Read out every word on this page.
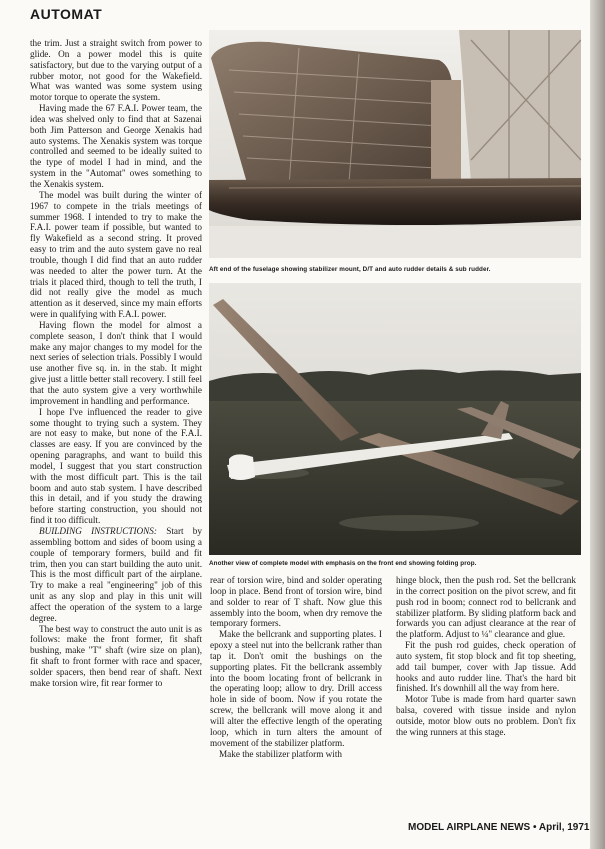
AUTOMAT

the trim. Just a straight switch from power to glide. On a power model this is quite satisfactory, but due to the varying output of a rubber motor, not good for the Wakefield. What was wanted was some system using motor torque to operate the system.

Having made the 67 F.A.I. Power team, the idea was shelved only to find that at Sazenai both Jim Patterson and George Xenakis had auto systems. The Xenakis system was torque controlled and seemed to be ideally suited to the type of model I had in mind, and the system in the "Automat" owes something to the Xenakis system.

The model was built during the winter of 1967 to compete in the trials meetings of summer 1968. I intended to try to make the F.A.I. power team if possible, but wanted to fly Wakefield as a second string. It proved easy to trim and the auto system gave no real trouble, though I did find that an auto rudder was needed to alter the power turn. At the trials it placed third, though to tell the truth, I did not really give the model as much attention as it deserved, since my main efforts were in qualifying with F.A.I. power.

Having flown the model for almost a complete season, I don't think that I would make any major changes to my model for the next series of selection trials. Possibly I would use another five sq. in. in the stab. It might give just a little better stall recovery. I still feel that the auto system give a very worthwhile improvement in handling and performance.

I hope I've influenced the reader to give some thought to trying such a system. They are not easy to make, but none of the F.A.I. classes are easy. If you are convinced by the opening paragraphs, and want to build this model, I suggest that you start construction with the most difficult part. This is the tail boom and auto stab system. I have described this in detail, and if you study the drawing before starting construction, you should not find it too difficult.

BUILDING INSTRUCTIONS: Start by assembling bottom and sides of boom using a couple of temporary formers, build and fit trim, then you can start building the auto unit. This is the most difficult part of the airplane. Try to make a real "engineering" job of this unit as any slop and play in this unit will affect the operation of the system to a large degree.

The best way to construct the auto unit is as follows: make the front former, fit shaft bushing, make "T" shaft (wire size on plan), fit shaft to front former with race and spacer, solder spacers, then bend rear of shaft. Next make torsion wire, fit rear former to

Aft end of the fuselage showing stabilizer mount, D/T and auto rudder details & sub rudder.
Another view of complete model with emphasis on the front end showing folding prop.

rear of torsion wire, bind and solder operating loop in place. Bend front of torsion wire, bind and solder to rear of T shaft. Now glue this assembly into the boom, when dry remove the temporary formers.

Make the bellcrank and supporting plates. I epoxy a steel nut into the bellcrank rather than tap it. Don't omit the bushings on the supporting plates. Fit the bellcrank assembly into the boom locating front of bellcrank in the operating loop; allow to dry. Drill access hole in side of boom. Now if you rotate the screw, the bellcrank will move along it and will alter the effective length of the operating loop, which in turn alters the amount of movement of the stabilizer platform.

Make the stabilizer platform with

hinge block, then the push rod. Set the bellcrank in the correct position on the pivot screw, and fit push rod in boom; connect rod to bellcrank and stabilizer platform. By sliding platform back and forwards you can adjust clearance at the rear of the platform. Adjust to ¼" clearance and glue.

Fit the push rod guides, check operation of auto system, fit stop block and fit top sheeting, add tail bumper, cover with Jap tissue. Add hooks and auto rudder line. That's the hard bit finished. It's downhill all the way from here.

Motor Tube is made from hard quarter sawn balsa, covered with tissue inside and nylon outside, motor blow outs no problem. Don't fix the wing runners at this stage.

MODEL AIRPLANE NEWS • April, 1971
